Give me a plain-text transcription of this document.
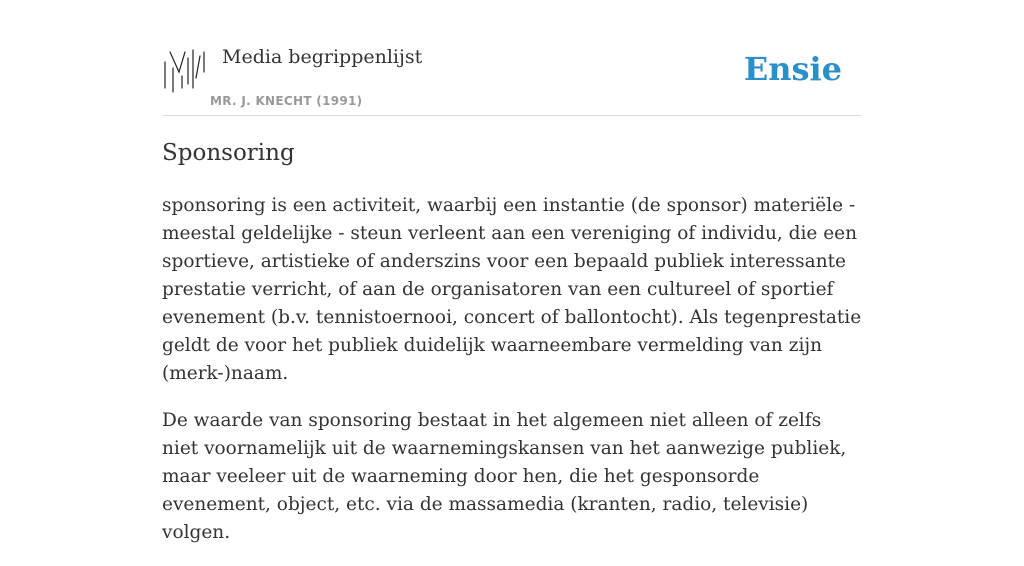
Media begrippenlijst
MR. J. KNECHT (1991)
Ensie
Sponsoring

sponsoring is een activiteit, waarbij een instantie (de sponsor) materiële - meestal geldelijke - steun verleent aan een vereniging of individu, die een sportieve, artistieke of anderszins voor een bepaald publiek interessante prestatie verricht, of aan de organisatoren van een cultureel of sportief evenement (b.v. tennistoernooi, concert of ballontocht). Als tegenprestatie geldt de voor het publiek duidelijk waarneembare vermelding van zijn (merk-)naam.

De waarde van sponsoring bestaat in het algemeen niet alleen of zelfs niet voornamelijk uit de waarnemingskansen van het aanwezige publiek, maar veeleer uit de waarneming door hen, die het gesponsorde evenement, object, etc. via de massamedia (kranten, radio, televisie) volgen.
